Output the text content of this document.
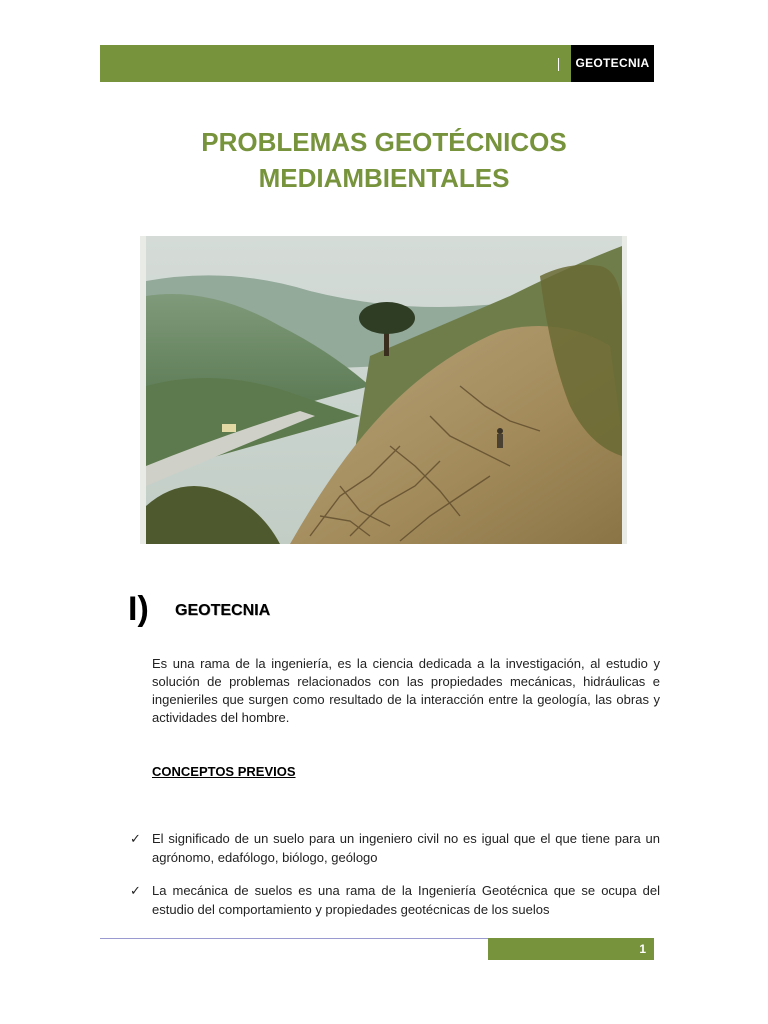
GEOTECNIA
PROBLEMAS GEOTÉCNICOS
MEDIAMBIENTALES
I) GEOTECNIA
Es una rama de la ingeniería, es la ciencia dedicada a la investigación, al estudio y solución de problemas relacionados con las propiedades mecánicas, hidráulicas e ingenieriles que surgen como resultado de la interacción entre la geología, las obras y actividades del hombre.
CONCEPTOS PREVIOS
✓ El significado de un suelo para un ingeniero civil no es igual que el que tiene para un agrónomo, edafólogo, biólogo, geólogo
✓ La mecánica de suelos es una rama de la Ingeniería Geotécnica que se ocupa del estudio del comportamiento y propiedades geotécnicas de los suelos
1
